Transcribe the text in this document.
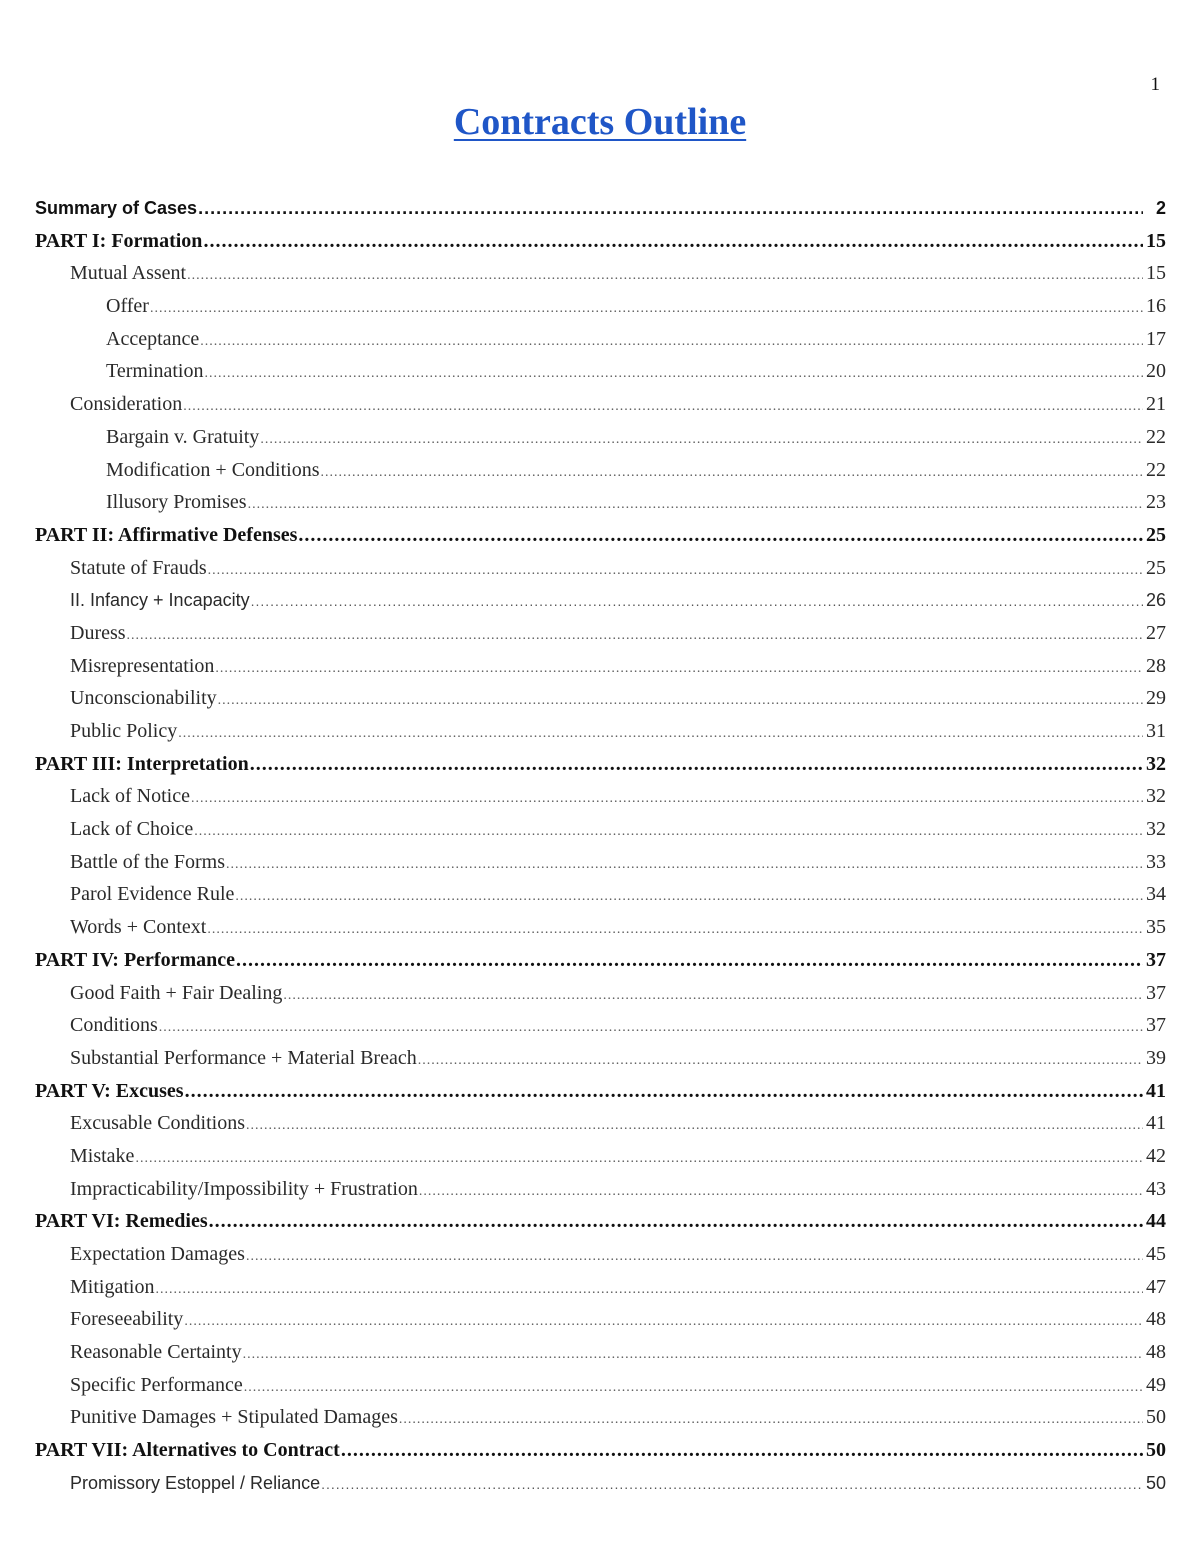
1
Contracts Outline
Summary of Cases .....	2
PART I: Formation .....	15
Mutual Assent .....	15
Offer .....	16
Acceptance .....	17
Termination .....	20
Consideration .....	21
Bargain v. Gratuity .....	22
Modification + Conditions .....	22
Illusory Promises .....	23
PART II: Affirmative Defenses .....	25
Statute of Frauds .....	25
II. Infancy + Incapacity .....	26
Duress .....	27
Misrepresentation .....	28
Unconscionability .....	29
Public Policy .....	31
PART III: Interpretation .....	32
Lack of Notice .....	32
Lack of Choice .....	32
Battle of the Forms .....	33
Parol Evidence Rule .....	34
Words + Context .....	35
PART IV: Performance .....	37
Good Faith + Fair Dealing .....	37
Conditions .....	37
Substantial Performance + Material Breach .....	39
PART V: Excuses .....	41
Excusable Conditions .....	41
Mistake .....	42
Impracticability/Impossibility + Frustration .....	43
PART VI: Remedies .....	44
Expectation Damages .....	45
Mitigation .....	47
Foreseeability .....	48
Reasonable Certainty .....	48
Specific Performance .....	49
Punitive Damages + Stipulated Damages .....	50
PART VII: Alternatives to Contract .....	50
Promissory Estoppel / Reliance .....	50
